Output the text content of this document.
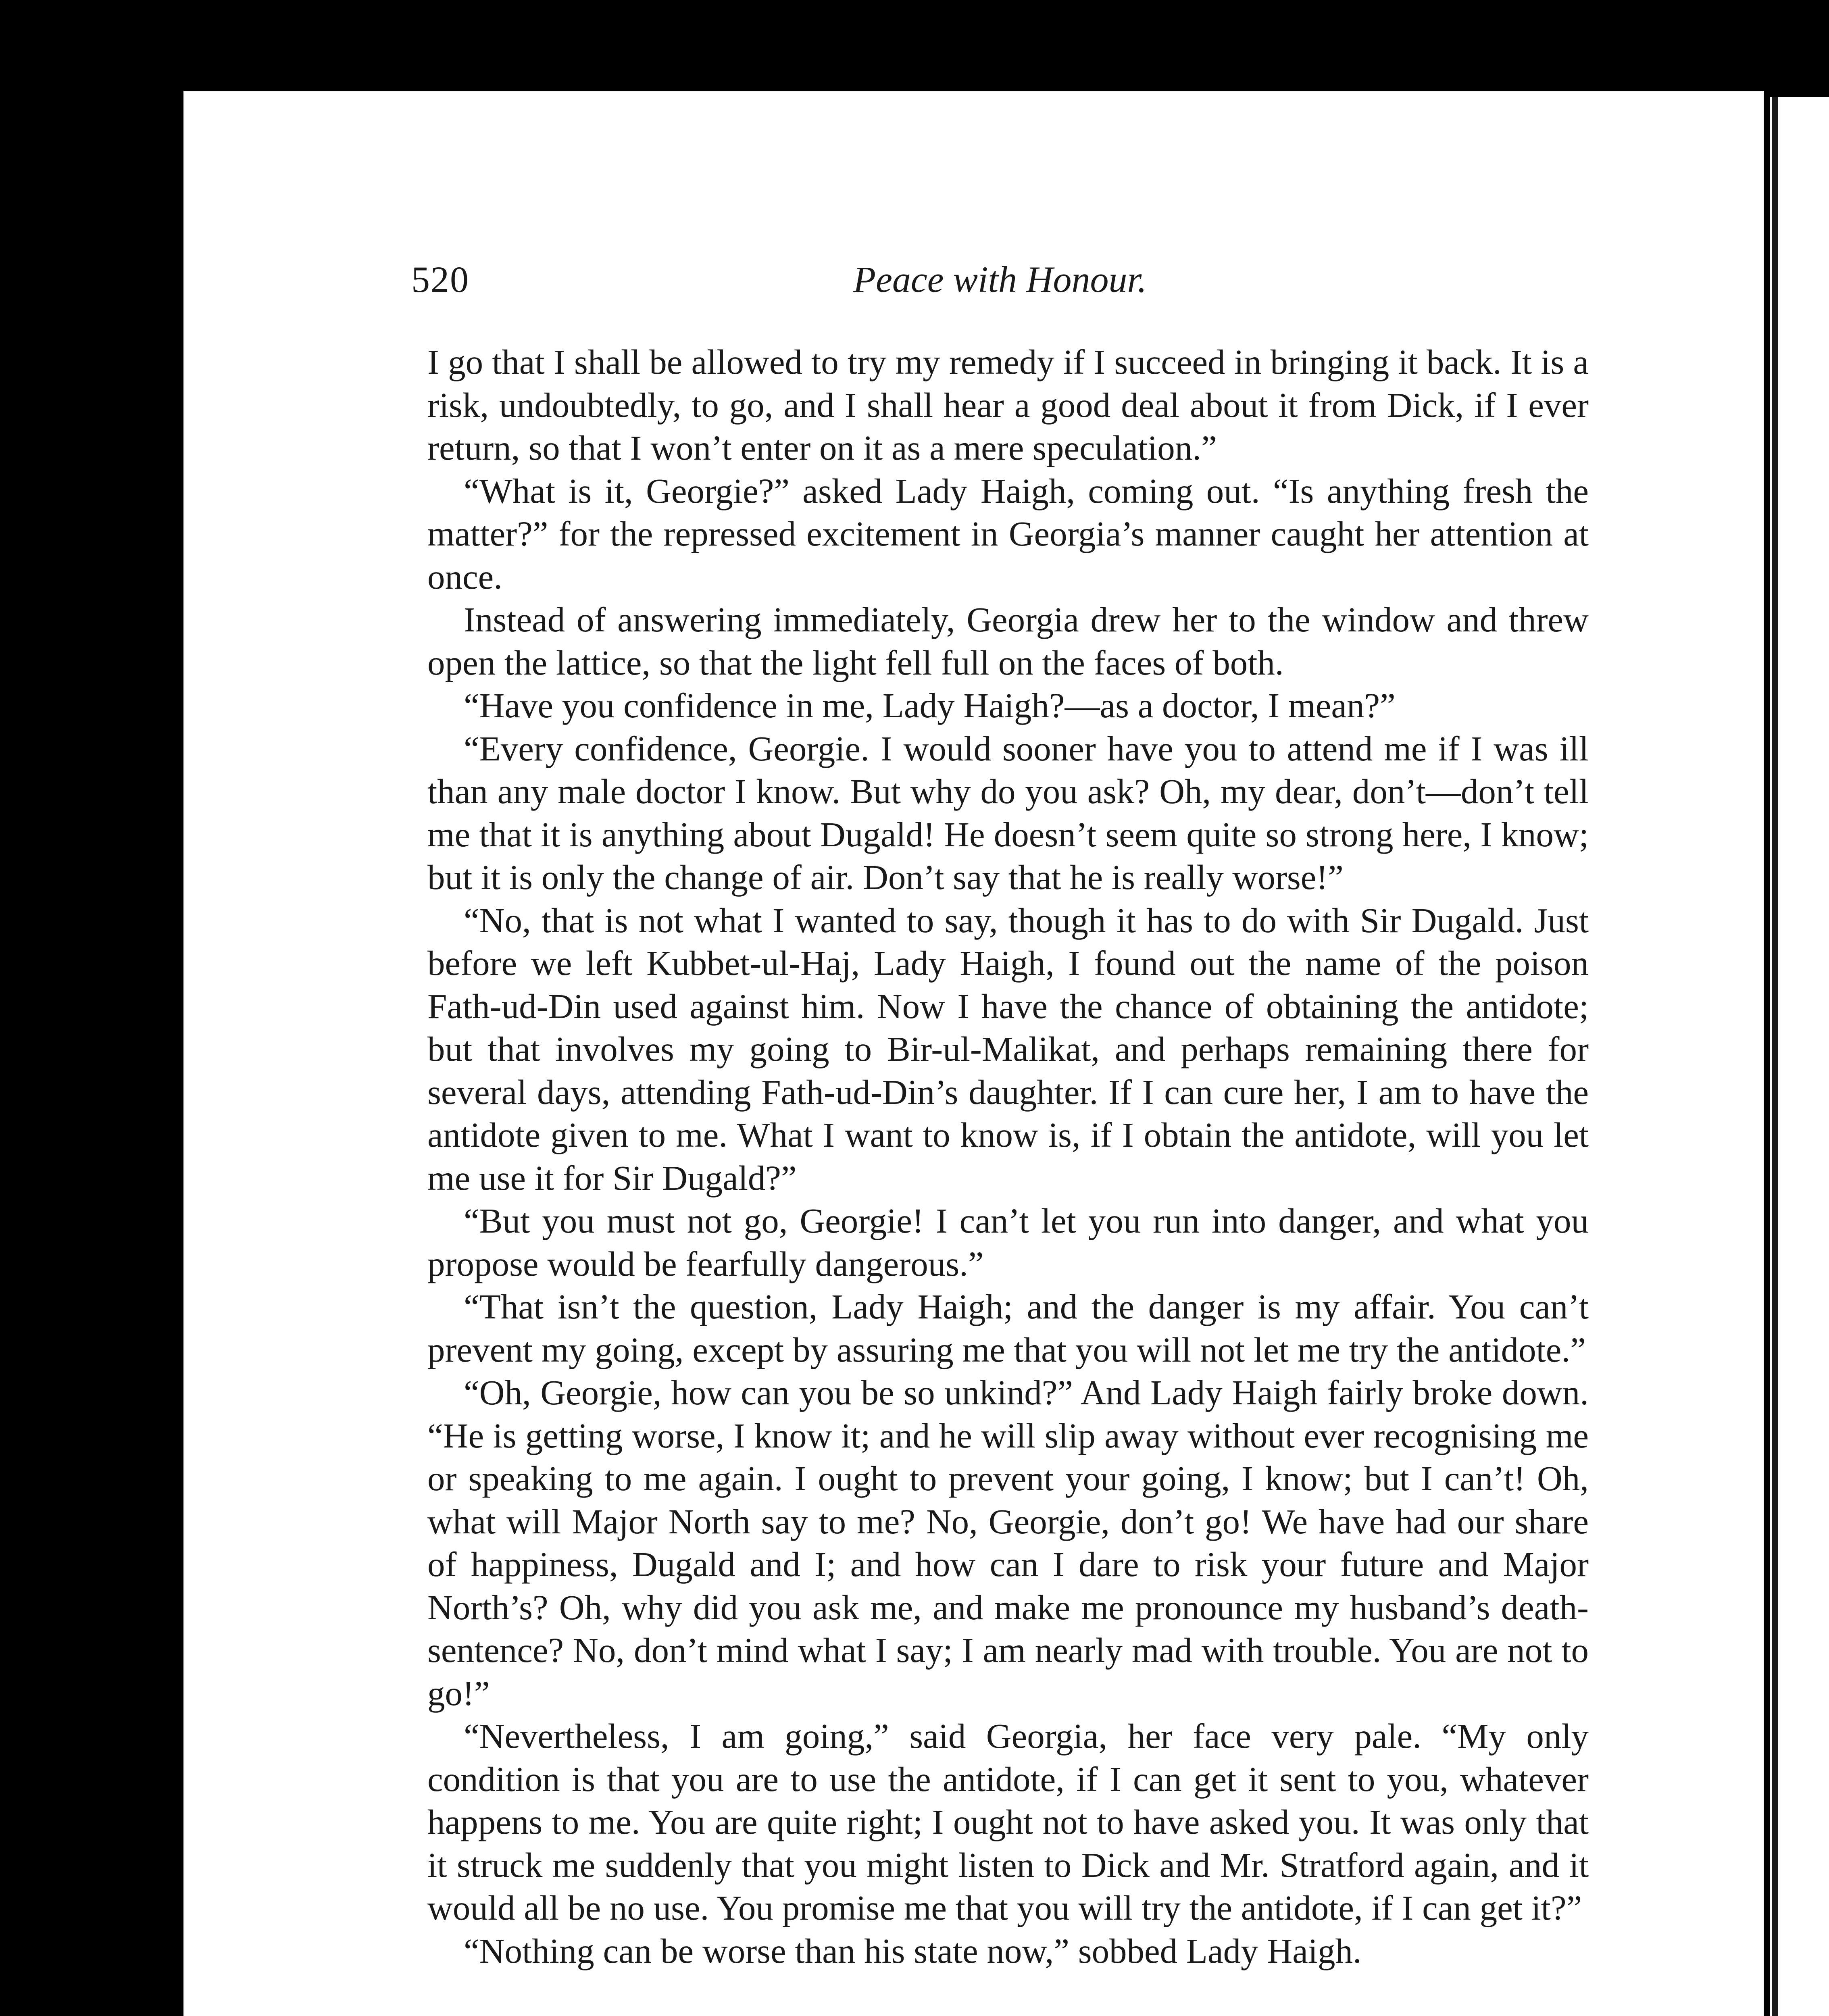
520	Peace with Honour.

I go that I shall be allowed to try my remedy if I succeed in bringing it back. It is a risk, undoubtedly, to go, and I shall hear a good deal about it from Dick, if I ever return, so that I won’t enter on it as a mere speculation.”

“What is it, Georgie?” asked Lady Haigh, coming out. “Is anything fresh the matter?” for the repressed excitement in Georgia’s manner caught her attention at once.

Instead of answering immediately, Georgia drew her to the window and threw open the lattice, so that the light fell full on the faces of both.

“Have you confidence in me, Lady Haigh?—as a doctor, I mean?”

“Every confidence, Georgie. I would sooner have you to attend me if I was ill than any male doctor I know. But why do you ask? Oh, my dear, don’t—don’t tell me that it is anything about Dugald! He doesn’t seem quite so strong here, I know; but it is only the change of air. Don’t say that he is really worse!”

“No, that is not what I wanted to say, though it has to do with Sir Dugald. Just before we left Kubbet-ul-Haj, Lady Haigh, I found out the name of the poison Fath-ud-Din used against him. Now I have the chance of obtaining the antidote; but that involves my going to Bir-ul-Malikat, and perhaps remaining there for several days, attending Fath-ud-Din’s daughter. If I can cure her, I am to have the antidote given to me. What I want to know is, if I obtain the antidote, will you let me use it for Sir Dugald?”

“But you must not go, Georgie! I can’t let you run into danger, and what you propose would be fearfully dangerous.”

“That isn’t the question, Lady Haigh; and the danger is my affair. You can’t prevent my going, except by assuring me that you will not let me try the antidote.”

“Oh, Georgie, how can you be so unkind?” And Lady Haigh fairly broke down. “He is getting worse, I know it; and he will slip away without ever recognising me or speaking to me again. I ought to prevent your going, I know; but I can’t! Oh, what will Major North say to me? No, Georgie, don’t go! We have had our share of happiness, Dugald and I; and how can I dare to risk your future and Major North’s? Oh, why did you ask me, and make me pronounce my husband’s death-sentence? No, don’t mind what I say; I am nearly mad with trouble. You are not to go!”

“Nevertheless, I am going,” said Georgia, her face very pale. “My only condition is that you are to use the antidote, if I can get it sent to you, whatever happens to me. You are quite right; I ought not to have asked you. It was only that it struck me suddenly that you might listen to Dick and Mr. Stratford again, and it would all be no use. You promise me that you will try the antidote, if I can get it?”

“Nothing can be worse than his state now,” sobbed Lady Haigh.
